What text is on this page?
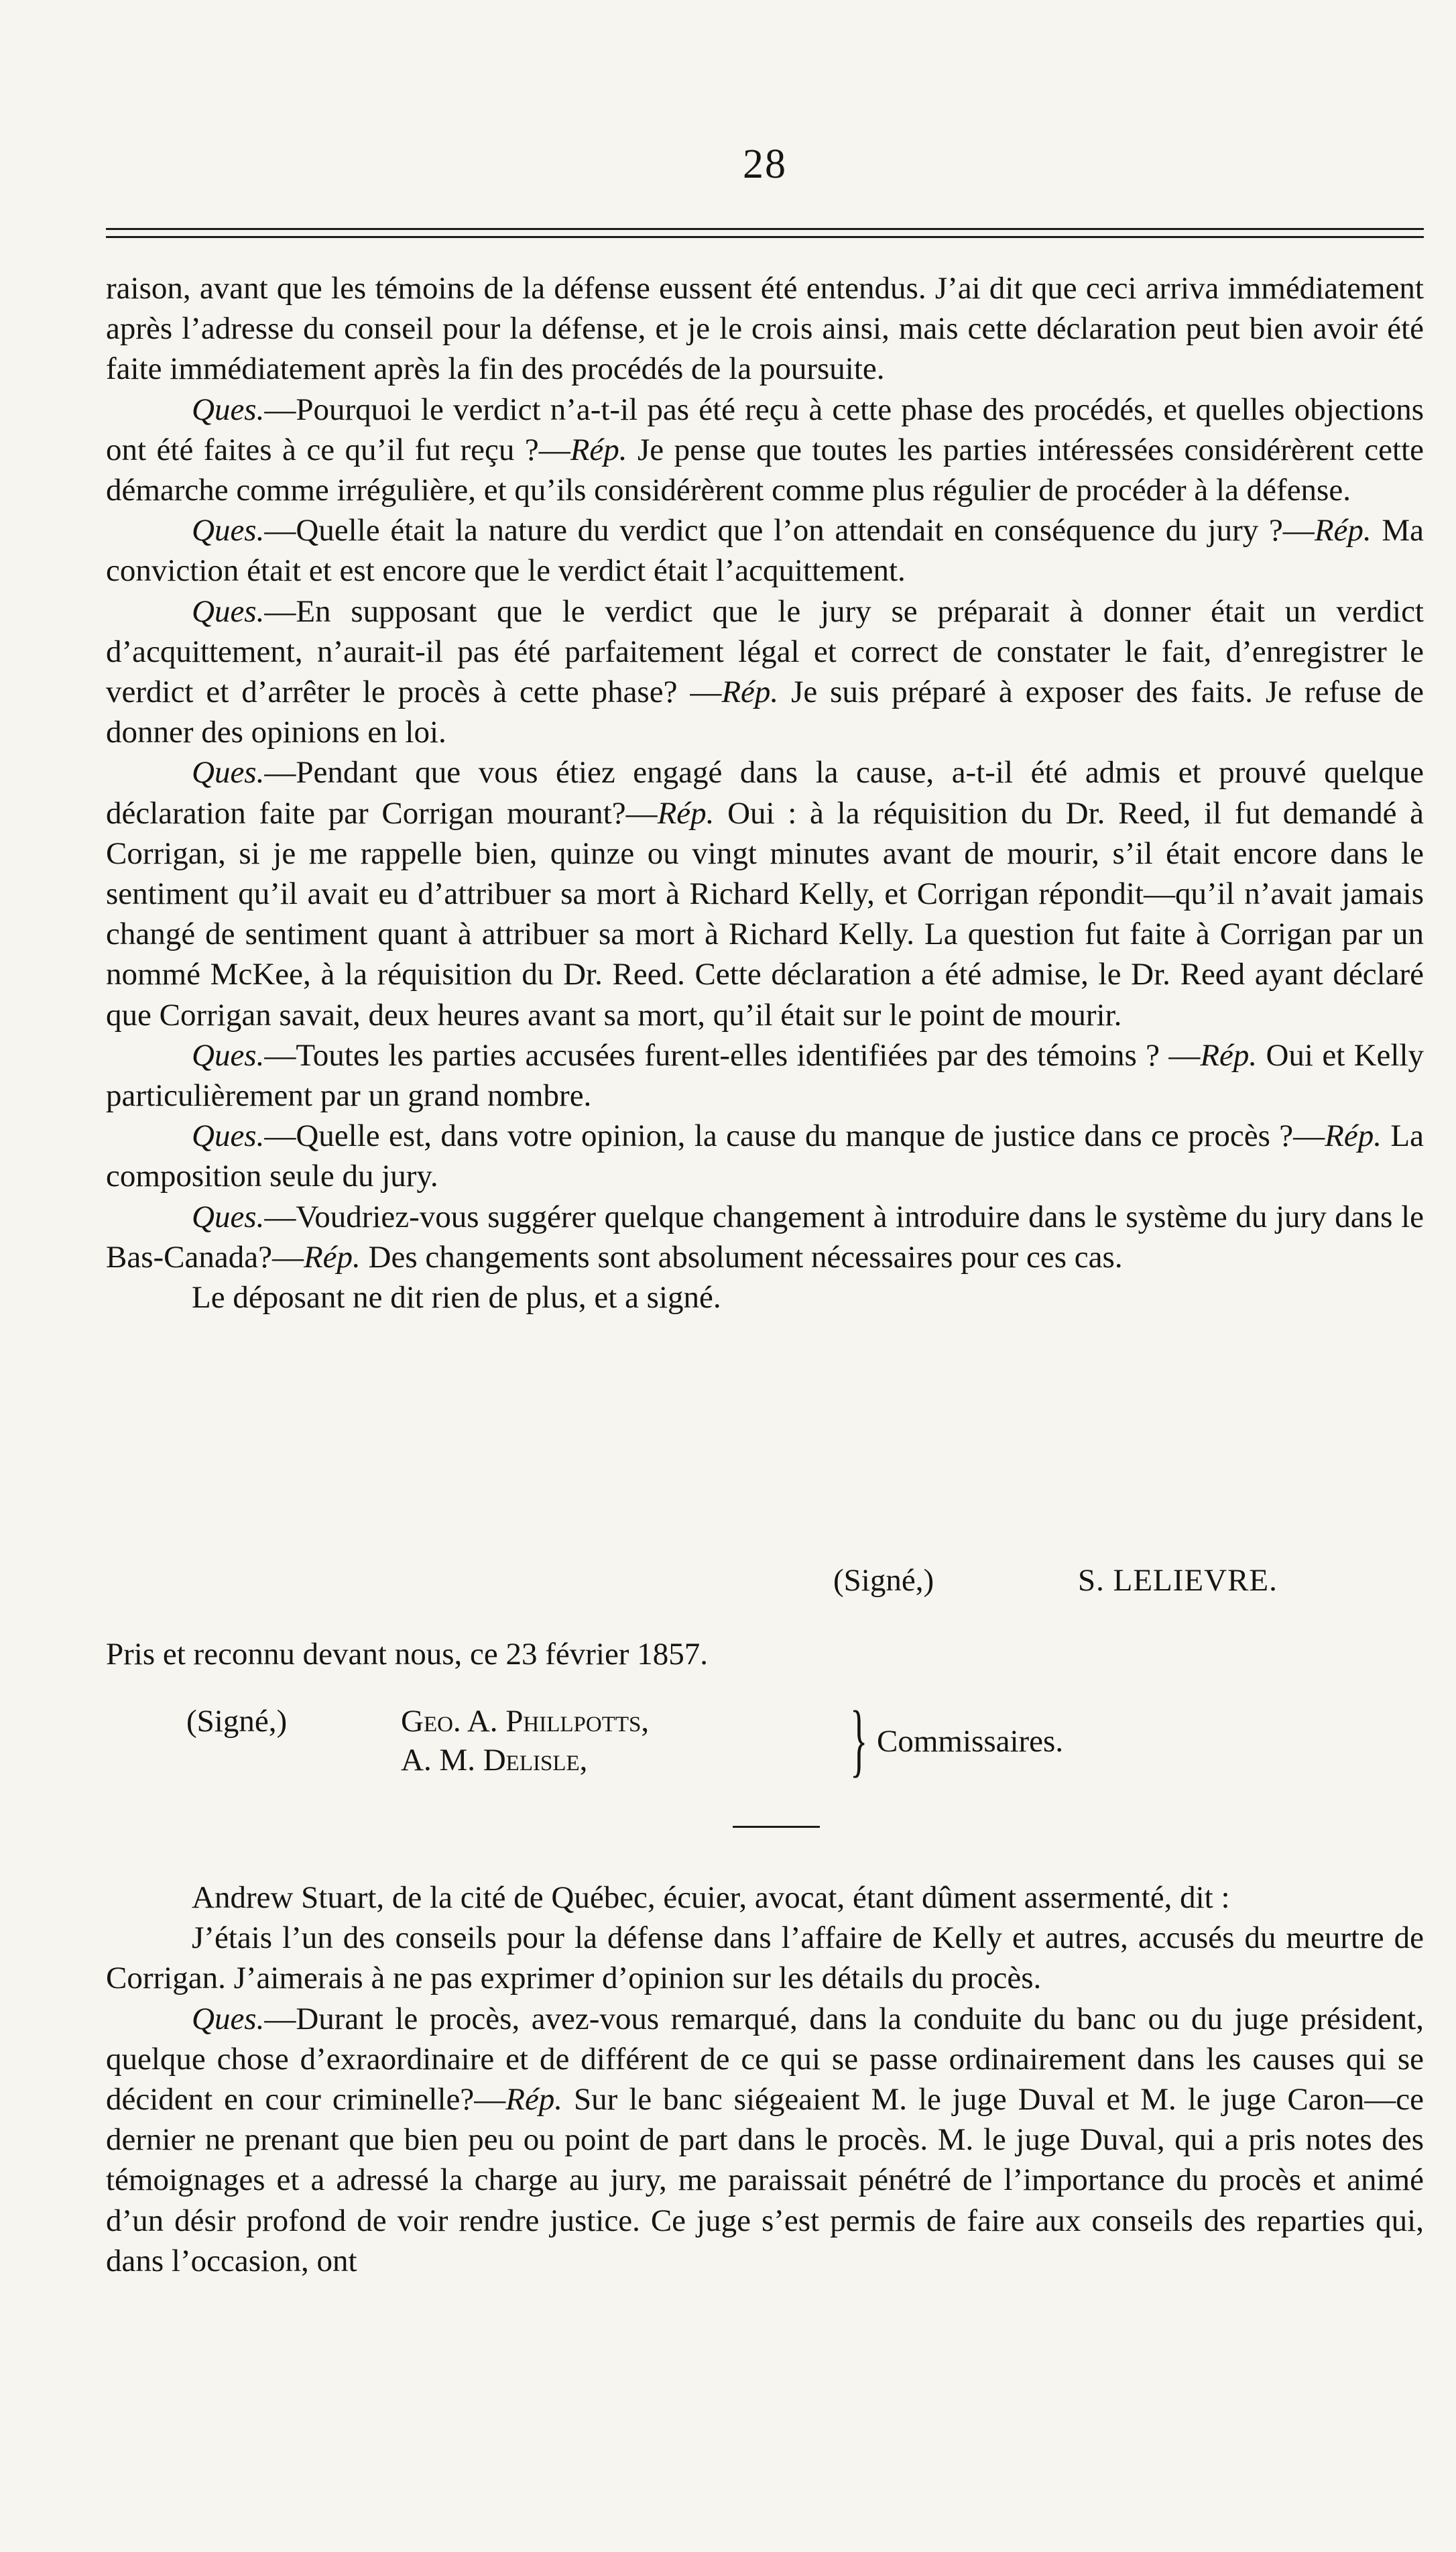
28

raison, avant que les témoins de la défense eussent été entendus. J’ai dit que ceci arriva immédiatement après l’adresse du conseil pour la défense, et je le crois ainsi, mais cette déclaration peut bien avoir été faite immédiatement après la fin des procédés de la poursuite.

Ques.—Pourquoi le verdict n’a-t-il pas été reçu à cette phase des procédés, et quelles objections ont été faites à ce qu’il fut reçu ?—Rép. Je pense que toutes les parties intéressées considérèrent cette démarche comme irrégulière, et qu’ils considérèrent comme plus régulier de procéder à la défense.

Ques.—Quelle était la nature du verdict que l’on attendait en conséquence du jury ?—Rép. Ma conviction était et est encore que le verdict était l’acquittement.

Ques.—En supposant que le verdict que le jury se préparait à donner était un verdict d’acquittement, n’aurait-il pas été parfaitement légal et correct de constater le fait, d’enregistrer le verdict et d’arrêter le procès à cette phase? —Rép. Je suis préparé à exposer des faits. Je refuse de donner des opinions en loi.

Ques.—Pendant que vous étiez engagé dans la cause, a-t-il été admis et prouvé quelque déclaration faite par Corrigan mourant?—Rép. Oui : à la réquisition du Dr. Reed, il fut demandé à Corrigan, si je me rappelle bien, quinze ou vingt minutes avant de mourir, s’il était encore dans le sentiment qu’il avait eu d’attribuer sa mort à Richard Kelly, et Corrigan répondit—qu’il n’avait jamais changé de sentiment quant à attribuer sa mort à Richard Kelly. La question fut faite à Corrigan par un nommé McKee, à la réquisition du Dr. Reed. Cette déclaration a été admise, le Dr. Reed ayant déclaré que Corrigan savait, deux heures avant sa mort, qu’il était sur le point de mourir.

Ques.—Toutes les parties accusées furent-elles identifiées par des témoins ? —Rép. Oui et Kelly particulièrement par un grand nombre.

Ques.—Quelle est, dans votre opinion, la cause du manque de justice dans ce procès ?—Rép. La composition seule du jury.

Ques.—Voudriez-vous suggérer quelque changement à introduire dans le système du jury dans le Bas-Canada?—Rép. Des changements sont absolument nécessaires pour ces cas.

Le déposant ne dit rien de plus, et a signé.

(Signé,)	S. LELIEVRE.
Pris et reconnu devant nous, ce 23 février 1857.
(Signé,)	Geo. A. Phillpotts,
A. M. Delisle,	} Commissaires.

Andrew Stuart, de la cité de Québec, écuier, avocat, étant dûment assermenté, dit :

J’étais l’un des conseils pour la défense dans l’affaire de Kelly et autres, accusés du meurtre de Corrigan. J’aimerais à ne pas exprimer d’opinion sur les détails du procès.

Ques.—Durant le procès, avez-vous remarqué, dans la conduite du banc ou du juge président, quelque chose d’exraordinaire et de différent de ce qui se passe ordinairement dans les causes qui se décident en cour criminelle?—Rép. Sur le banc siégeaient M. le juge Duval et M. le juge Caron—ce dernier ne prenant que bien peu ou point de part dans le procès. M. le juge Duval, qui a pris notes des témoignages et a adressé la charge au jury, me paraissait pénétré de l’importance du procès et animé d’un désir profond de voir rendre justice. Ce juge s’est permis de faire aux conseils des reparties qui, dans l’occasion, ont
